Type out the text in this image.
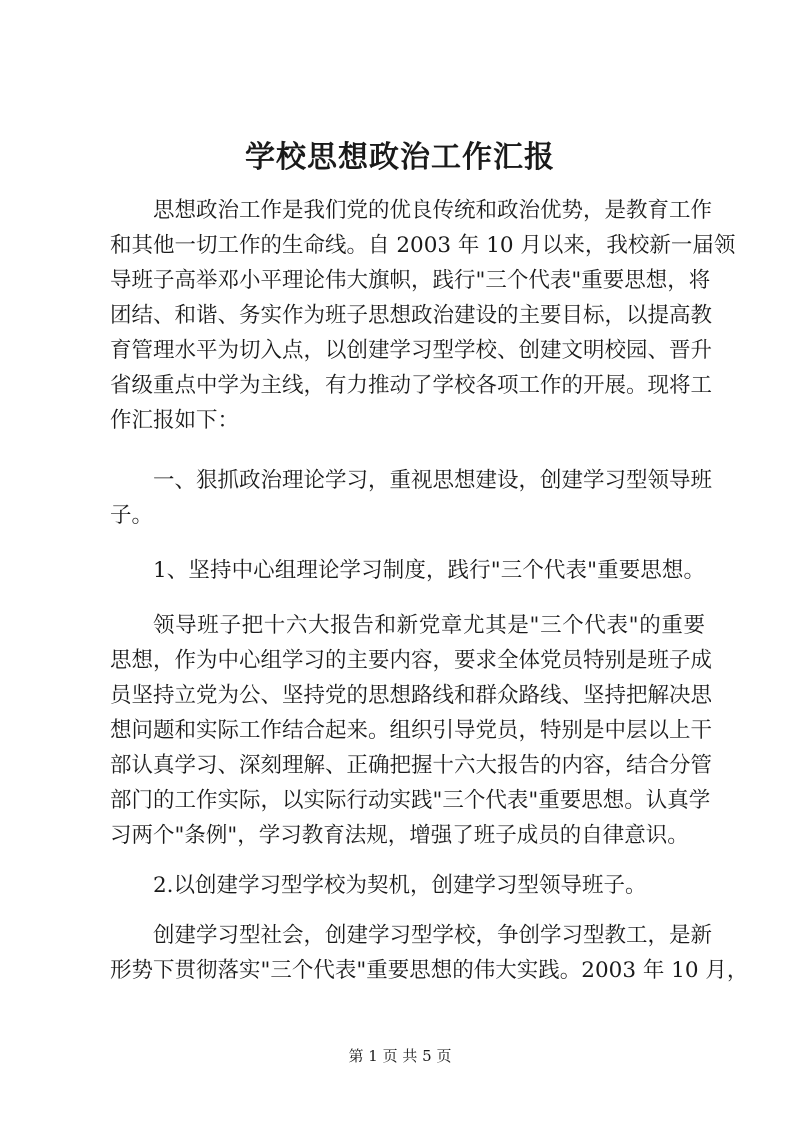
学校思想政治工作汇报
思想政治工作是我们党的优良传统和政治优势，是教育工作
和其他一切工作的生命线。自 2003 年 10 月以来，我校新一届领
导班子高举邓小平理论伟大旗帜，践行"三个代表"重要思想，将
团结、和谐、务实作为班子思想政治建设的主要目标，以提高教
育管理水平为切入点，以创建学习型学校、创建文明校园、晋升
省级重点中学为主线，有力推动了学校各项工作的开展。现将工
作汇报如下：
一、狠抓政治理论学习，重视思想建设，创建学习型领导班
子。
1、坚持中心组理论学习制度，践行"三个代表"重要思想。
领导班子把十六大报告和新党章尤其是"三个代表"的重要
思想，作为中心组学习的主要内容，要求全体党员特别是班子成
员坚持立党为公、坚持党的思想路线和群众路线、坚持把解决思
想问题和实际工作结合起来。组织引导党员，特别是中层以上干
部认真学习、深刻理解、正确把握十六大报告的内容，结合分管
部门的工作实际，以实际行动实践"三个代表"重要思想。认真学
习两个"条例"，学习教育法规，增强了班子成员的自律意识。
2.以创建学习型学校为契机，创建学习型领导班子。
创建学习型社会，创建学习型学校，争创学习型教工，是新
形势下贯彻落实"三个代表"重要思想的伟大实践。2003 年 10 月，
第 1 页 共 5 页
